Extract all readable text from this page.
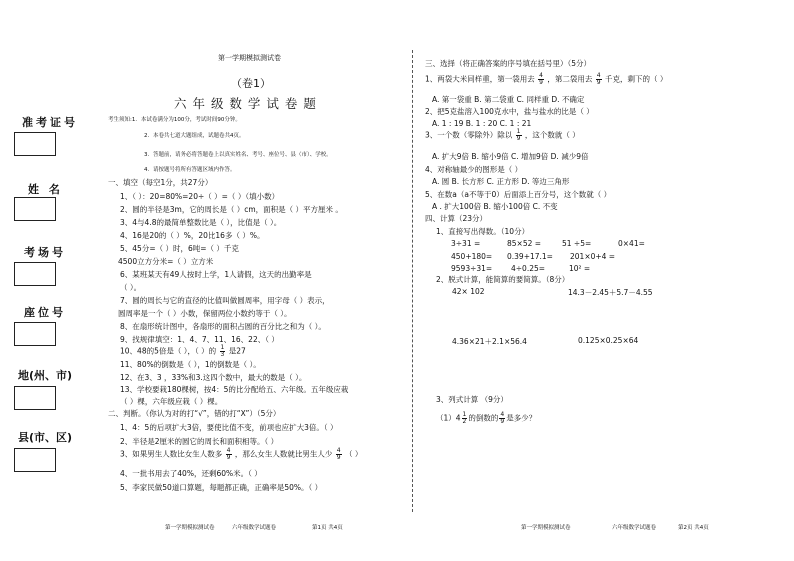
准考证号
姓 名
考场号
座位号
地(州、市)
县(市、区)
第一学期模拟测试卷
（卷1）
六 年 级 数 学 试 卷 题
考生须知:1．本试卷满分为100分，考试时间90分钟。
2．本卷共七道大题组成，试题卷共4页。
3．答题前，请务必将答题卷上以真实姓名、考号、座位号、县（市）、学校。
4．请按题号将所有答题区域内作答。
一、填空（每空1分，共27分）
1、（ ）：20=80%=20÷（ ）=（ ）（填小数）
2、圆的半径是3m，它的周长是（ ）cm，面积是（ ）平方厘米 。
3、4与4.8的最简单整数比是（ ），比值是（ ）。
4、16是20的（ ）%，20比16多（ ）%。
5、45分=（ ）时，6吨=（ ）千克
4500立方分米=（ ）立方米
6、某班某天有49人按时上学，1人请假，这天的出勤率是
（ ）。
7、圆的周长与它的直径的比值叫做圆周率，用字母（ ）表示，
圆周率是一个（ ）小数，保留两位小数约等于（ ）。
8、在扇形统计图中，各扇形的面积占圆的百分比之和为（ ）。
9、找规律填空：1、4、7、11、16、22、（ ）
10、48的5倍是（ ），（ ）的 $\frac{1}{3}$ 是27
11、80%的倒数是（ ），1的倒数是（ ）。
12、在3、3 ，33%和3.这四个数中，最大的数是（ ）。
13、学校要栽180棵树，按4：5的比分配给五、六年级。五年级应栽
（ ）棵，六年级应栽（ ）棵。
二、判断。（你认为对的打“√”，错的打“X”）（5分）
1、4：5的后项扩大3倍，要使比值不变，前项也应扩大3倍。（ ）
2、半径是2厘米的圆它的周长和面积相等。（ ）
3、如果男生人数比女生人数多 $\frac{4}{9}$ ，那么女生人数就比男生人少 $\frac{4}{9}$ （ ）
4、一批书用去了40%，还剩60%米。（ ）
5、李家民做50道口算题，每题都正确，正确率是50%。（ ）
第一学期模拟测试卷	六年级数学试题卷	第1页 共4页
三、选择（将正确答案的序号填在括号里）（5分）
1、两袋大米同样重，第一袋用去 $\frac{4}{9}$ ，第二袋用去 $\frac{4}{9}$ 千克，剩下的（ ）
A. 第一袋重 B. 第二袋重 C. 同样重 D. 不确定
2、把5克盐溶入100克水中，盐与盐水的比是（ ）
A. 1 : 19 B. 1 : 20 C. 1 : 21
3、一个数（零除外）除以 $\frac{1}{9}$ ，这个数就（ ）
A. 扩大9倍 B. 缩小9倍 C. 增加9倍 D. 减少9倍
4、对称轴最少的图形是（ ）
A. 圆 B. 长方形 C. 正方形 D. 等边三角形
5、在数a（a不等于0）后面添上百分号，这个数就（ ）
A . 扩大100倍 B. 缩小100倍 C. 不变
四、计算（23分）
1、直接写出得数。（10分）
3÷31 =	85×52 =	51 ÷5=	0×41=
450+180= 0.39+17.1= 201×0+4 =
9593÷31=	4÷0.25=	10² =
2、脱式计算，能简算的要简算。（8分）
42× 102	14.3－2.45＋5.7－4.55
4.36×21＋2.1×56.4	0.125×0.25×64
3、列式计算 （9分）
$(1)4 \frac{1}{2}$ 的倒数的 $\frac{4}{9}$ 是多少？
第一学期模拟测试卷	六年级数学试题卷	第2页 共4页
